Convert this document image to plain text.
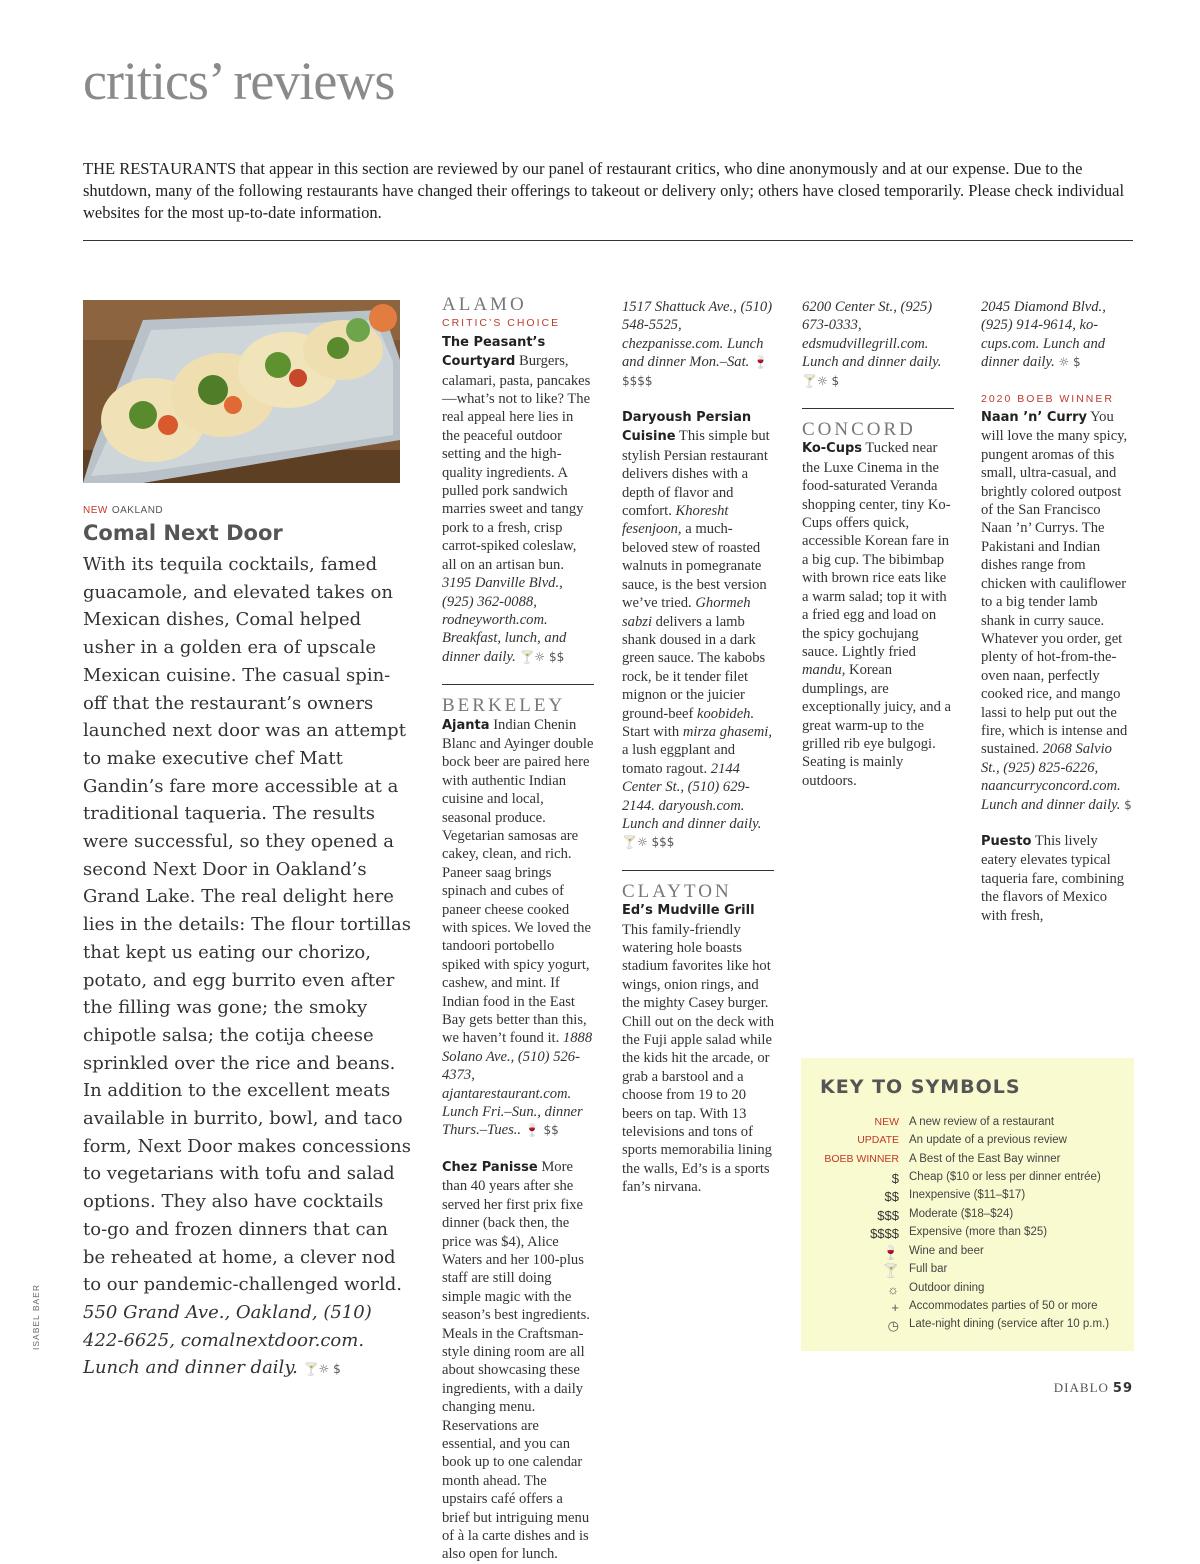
critics’ reviews

THE RESTAURANTS that appear in this section are reviewed by our panel of restaurant critics, who dine anonymously and at our expense. Due to the shutdown, many of the following restaurants have changed their offerings to takeout or delivery only; others have closed temporarily. Please check individual websites for the most up-to-date information.

NEW OAKLAND
Comal Next Door

With its tequila cocktails, famed guacamole, and elevated takes on Mexican dishes, Comal helped usher in a golden era of upscale Mexican cuisine. The casual spin-off that the restaurant’s owners launched next door was an attempt to make executive chef Matt Gandin’s fare more accessible at a traditional taqueria. The results were successful, so they opened a second Next Door in Oakland’s Grand Lake. The real delight here lies in the details: The flour tortillas that kept us eating our chorizo, potato, and egg burrito even after the filling was gone; the smoky chipotle salsa; the cotija cheese sprinkled over the rice and beans. In addition to the excellent meats available in burrito, bowl, and taco form, Next Door makes concessions to vegetarians with tofu and salad options. They also have cocktails to-go and frozen dinners that can be reheated at home, a clever nod to our pandemic-challenged world. 550 Grand Ave., Oakland, (510) 422-6625, comalnextdoor.com. Lunch and dinner daily. 🍸☼ $

ALAMO

CRITIC’S CHOICE

The Peasant’s Courtyard Burgers, calamari, pasta, pancakes—what’s not to like? The real appeal here lies in the peaceful outdoor setting and the high-quality ingredients. A pulled pork sandwich marries sweet and tangy pork to a fresh, crisp carrot-spiked coleslaw, all on an artisan bun. 3195 Danville Blvd., (925) 362-0088, rodneyworth.com. Breakfast, lunch, and dinner daily. 🍸☼ $$

BERKELEY

Ajanta Indian Chenin Blanc and Ayinger double bock beer are paired here with authentic Indian cuisine and local, seasonal produce. Vegetarian samosas are cakey, clean, and rich. Paneer saag brings spinach and cubes of paneer cheese cooked with spices. We loved the tandoori portobello spiked with spicy yogurt, cashew, and mint. If Indian food in the East Bay gets better than this, we haven’t found it. 1888 Solano Ave., (510) 526-4373, ajantarestaurant.com. Lunch Fri.–Sun., dinner Thurs.–Tues.. 🍷 $$

Chez Panisse More than 40 years after she served her first prix fixe dinner (back then, the price was $4), Alice Waters and her 100-plus staff are still doing simple magic with the season’s best ingredients. Meals in the Craftsman-style dining room are all about showcasing these ingredients, with a daily changing menu. Reservations are essential, and you can book up to one calendar month ahead. The upstairs café offers a brief but intriguing menu of à la carte dishes and is also open for lunch.

1517 Shattuck Ave., (510) 548-5525, chezpanisse.com. Lunch and dinner Mon.–Sat. 🍷$$$$

Daryoush Persian Cuisine This simple but stylish Persian restaurant delivers dishes with a depth of flavor and comfort. Khoresht fesenjoon, a much-beloved stew of roasted walnuts in pomegranate sauce, is the best version we’ve tried. Ghormeh sabzi delivers a lamb shank doused in a dark green sauce. The kabobs rock, be it tender filet mignon or the juicier ground-beef koobideh. Start with mirza ghasemi, a lush eggplant and tomato ragout. 2144 Center St., (510) 629-2144. daryoush.com. Lunch and dinner daily. 🍸☼ $$$

CLAYTON

Ed’s Mudville Grill This family-friendly watering hole boasts stadium favorites like hot wings, onion rings, and the mighty Casey burger. Chill out on the deck with the Fuji apple salad while the kids hit the arcade, or grab a barstool and a choose from 19 to 20 beers on tap. With 13 televisions and tons of sports memorabilia lining the walls, Ed’s is a sports fan’s nirvana.

6200 Center St., (925) 673-0333, edsmudvillegrill.com. Lunch and dinner daily. 🍸☼ $

CONCORD

Ko-Cups Tucked near the Luxe Cinema in the food-saturated Veranda shopping center, tiny Ko-Cups offers quick, accessible Korean fare in a big cup. The bibimbap with brown rice eats like a warm salad; top it with a fried egg and load on the spicy gochujang sauce. Lightly fried mandu, Korean dumplings, are exceptionally juicy, and a great warm-up to the grilled rib eye bulgogi. Seating is mainly outdoors.

2045 Diamond Blvd., (925) 914-9614, ko-cups.com. Lunch and dinner daily. ☼ $

2020 BOEB WINNER

Naan ’n’ Curry You will love the many spicy, pungent aromas of this small, ultra-casual, and brightly colored outpost of the San Francisco Naan ’n’ Currys. The Pakistani and Indian dishes range from chicken with cauliflower to a big tender lamb shank in curry sauce. Whatever you order, get plenty of hot-from-the-oven naan, perfectly cooked rice, and mango lassi to help put out the fire, which is intense and sustained. 2068 Salvio St., (925) 825-6226, naancurryconcord.com. Lunch and dinner daily. $

Puesto This lively eatery elevates typical taqueria fare, combining the flavors of Mexico with fresh,

KEY TO SYMBOLS
NEW A new review of a restaurant
UPDATE An update of a previous review
BOEB WINNER A Best of the East Bay winner
$ Cheap ($10 or less per dinner entrée)
$$ Inexpensive ($11–$17)
$$$ Moderate ($18–$24)
$$$$ Expensive (more than $25)
🍷 Wine and beer
🍸 Full bar
☼ Outdoor dining
+ Accommodates parties of 50 or more
◷ Late-night dining (service after 10 p.m.)
ISABEL BAER
DIABLO 59
